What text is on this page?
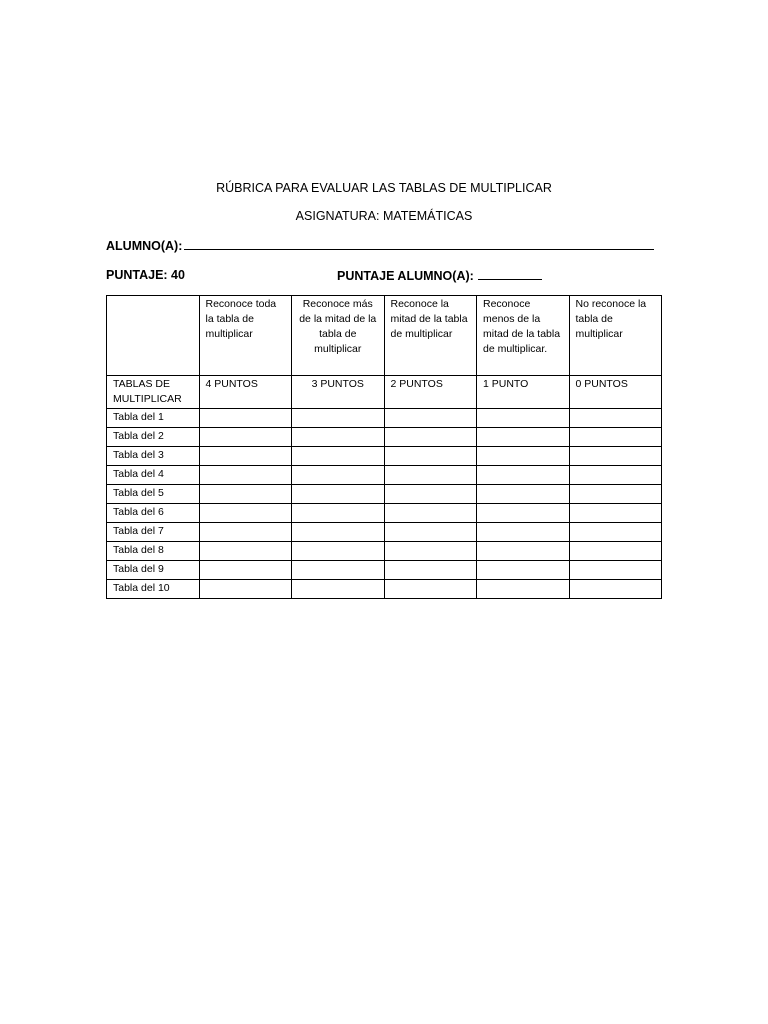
RÚBRICA PARA EVALUAR LAS TABLAS DE MULTIPLICAR
ASIGNATURA: MATEMÁTICAS
ALUMNO(A):
PUNTAJE: 40	PUNTAJE ALUMNO(A):
	Reconoce toda la tabla de multiplicar	Reconoce más de la mitad de la tabla de multiplicar	Reconoce la mitad de la tabla de multiplicar	Reconoce menos de la mitad de la tabla de multiplicar.	No reconoce la tabla de multiplicar
TABLAS DE MULTIPLICAR	4 PUNTOS	3 PUNTOS	2 PUNTOS	1 PUNTO	0 PUNTOS
Tabla del 1					
Tabla del 2					
Tabla del 3					
Tabla del 4					
Tabla del 5					
Tabla del 6					
Tabla del 7					
Tabla del 8					
Tabla del 9					
Tabla del 10					
